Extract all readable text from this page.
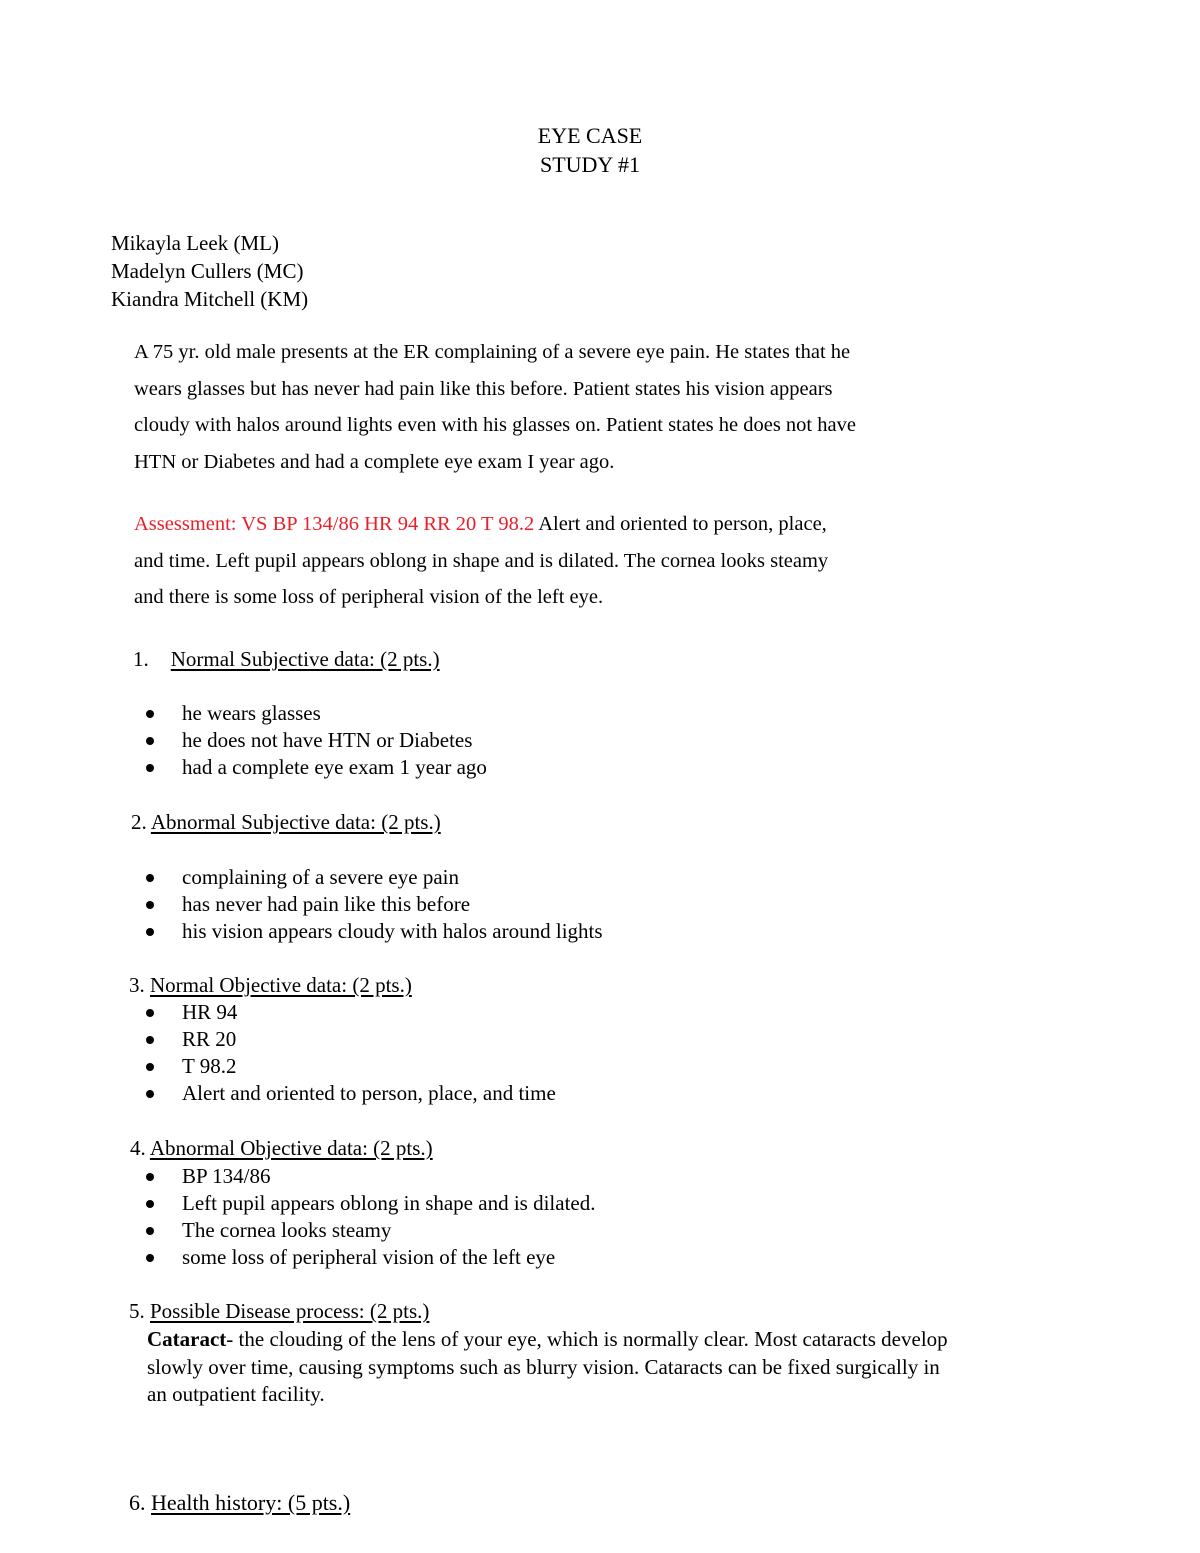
EYE CASE
STUDY #1
Mikayla Leek (ML)
Madelyn Cullers (MC)
Kiandra Mitchell (KM)
A 75 yr. old male presents at the ER complaining of a severe eye pain. He states that he
wears glasses but has never had pain like this before. Patient states his vision appears
cloudy with halos around lights even with his glasses on. Patient states he does not have
HTN or Diabetes and had a complete eye exam I year ago.
Assessment: VS BP 134/86 HR 94 RR 20 T 98.2 Alert and oriented to person, place,
and time. Left pupil appears oblong in shape and is dilated. The cornea looks steamy
and there is some loss of peripheral vision of the left eye.
1. Normal Subjective data: (2 pts.)
he wears glasses
he does not have HTN or Diabetes
had a complete eye exam 1 year ago
2. Abnormal Subjective data: (2 pts.)
complaining of a severe eye pain
has never had pain like this before
his vision appears cloudy with halos around lights
3. Normal Objective data: (2 pts.)
HR 94
RR 20
T 98.2
Alert and oriented to person, place, and time
4. Abnormal Objective data: (2 pts.)
BP 134/86
Left pupil appears oblong in shape and is dilated.
The cornea looks steamy
some loss of peripheral vision of the left eye
5. Possible Disease process: (2 pts.)
Cataract- the clouding of the lens of your eye, which is normally clear. Most cataracts develop
slowly over time, causing symptoms such as blurry vision. Cataracts can be fixed surgically in
an outpatient facility.
6. Health history: (5 pts.)
